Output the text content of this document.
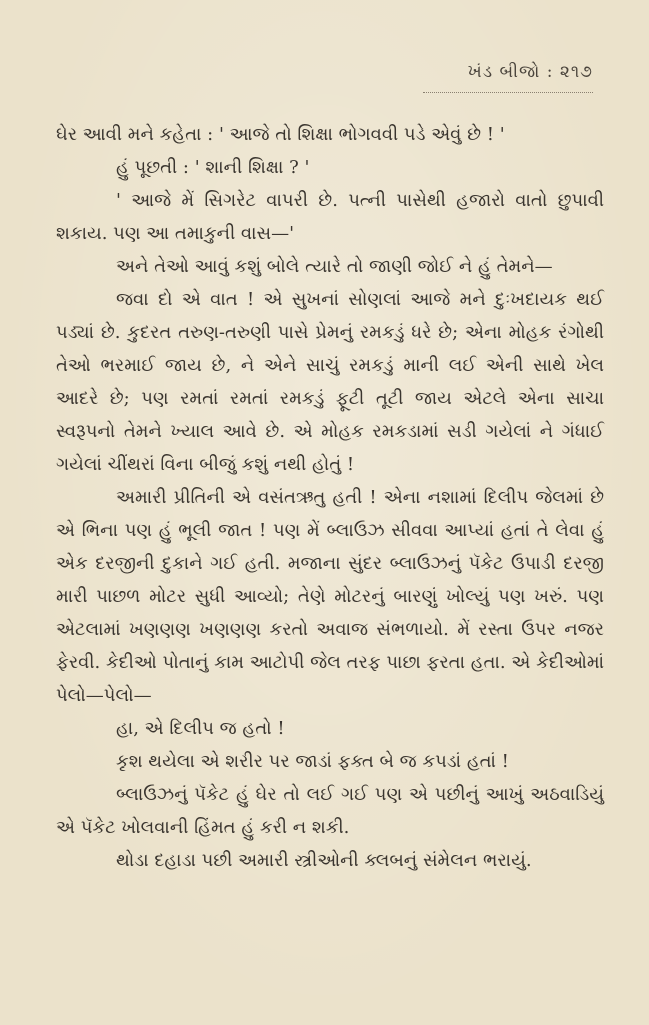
ખંડ બીજો : ૨૧૭

ઘેર આવી મને કહેતા : ' આજે તો શિક્ષા ભોગવવી પડે એવું છે ! '

હું પૂછતી : ' શાની શિક્ષા ? '

' આજે મેં સિગરેટ વાપરી છે. પત્ની પાસેથી હજારો વાતો છુપાવી શકાય. પણ આ તમાકુની વાસ—'

અને તેઓ આવું કશું બોલે ત્યારે તો જાણી જોઈ ને હું તેમને—

જવા દો એ વાત ! એ સુખનાં સોણલાં આજે મને દુઃખદાયક થઈ પડ્યાં છે. કુદરત તરુણ-તરુણી પાસે પ્રેમનું રમકડું ધરે છે; એના મોહક રંગોથી તેઓ ભરમાઈ જાય છે, ને એને સાચું રમકડું માની લઈ એની સાથે ખેલ આદરે છે; પણ રમતાં રમતાં રમકડું ફૂટી તૂટી જાય એટલે એના સાચા સ્વરૂપનો તેમને ખ્યાલ આવે છે. એ મોહક રમકડામાં સડી ગયેલાં ને ગંધાઈ ગયેલાં ચીંથરાં વિના બીજું કશું નથી હોતું !

અમારી પ્રીતિની એ વસંતઋતુ હતી ! એના નશામાં દિલીપ જેલમાં છે એ ભિના પણ હું ભૂલી જાત ! પણ મેં બ્લાઉઝ સીવવા આપ્યાં હતાં તે લેવા હું એક દરજીની દુકાને ગઈ હતી. મજાના સુંદર બ્લાઉઝનું પૅકેટ ઉપાડી દરજી મારી પાછળ મોટર સુધી આવ્યો; તેણે મોટરનું બારણું ખોલ્યું પણ ખરું. પણ એટલામાં ખણણણ ખણણણ કરતો અવાજ સંભળાયો. મેં રસ્તા ઉપર નજર ફેરવી. કેદીઓ પોતાનું કામ આટોપી જેલ તરફ પાછા ફરતા હતા. એ કેદીઓમાં પેલો—પેલો—

હા, એ દિલીપ જ હતો !

કૃશ થયેલા એ શરીર પર જાડાં ફક્ત બે જ કપડાં હતાં !

બ્લાઉઝનું પૅકેટ હું ઘેર તો લઈ ગઈ પણ એ પછીનું આખું અઠવાડિયું એ પૅકેટ ખોલવાની હિંમત હું કરી ન શકી.

થોડા દહાડા પછી અમારી સ્ત્રીઓની ક્લબનું સંમેલન ભરાયું.
